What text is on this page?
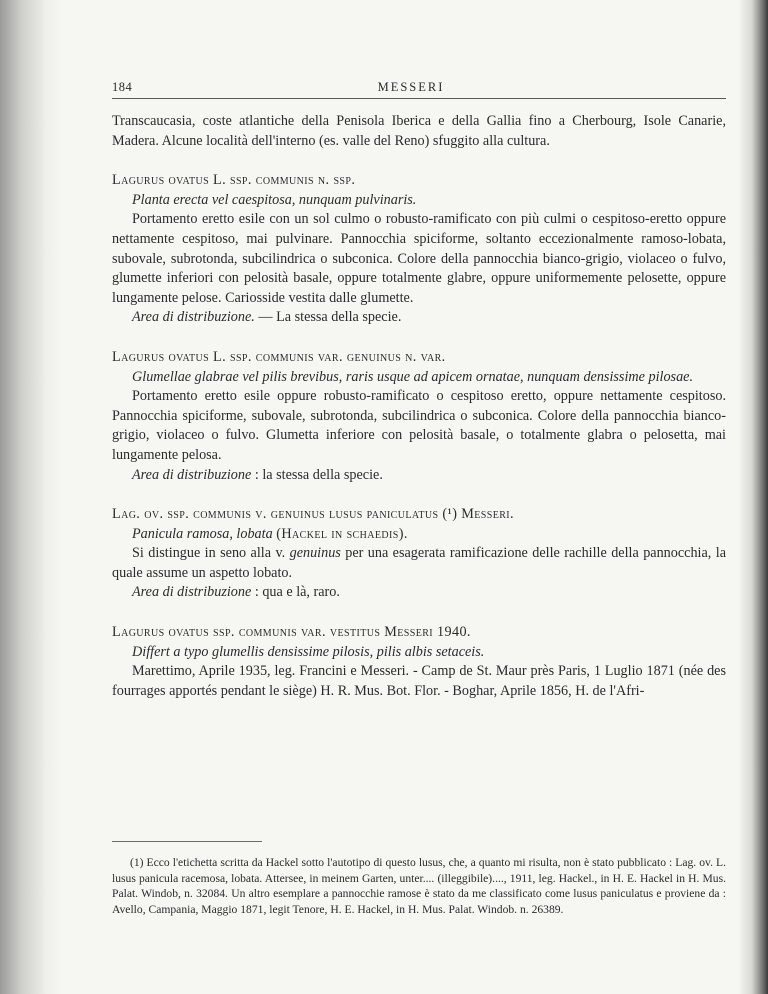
184	MESSERI

Transcaucasia, coste atlantiche della Penisola Iberica e della Gallia fino a Cherbourg, Isole Canarie, Madera. Alcune località dell'interno (es. valle del Reno) sfuggito alla cultura.

Lagurus ovatus L. ssp. communis n. ssp.

Planta erecta vel caespitosa, nunquam pulvinaris.

Portamento eretto esile con un sol culmo o robusto-ramificato con più culmi o cespitoso-eretto oppure nettamente cespitoso, mai pulvinare. Pannocchia spiciforme, soltanto eccezionalmente ramoso-lobata, subovale, subrotonda, subcilindrica o subconica. Colore della pannocchia bianco-grigio, violaceo o fulvo, glumette inferiori con pelosità basale, oppure totalmente glabre, oppure uniformemente pelosette, oppure lungamente pelose. Cariosside vestita dalle glumette.

Area di distribuzione. — La stessa della specie.

Lagurus ovatus L. ssp. communis var. genuinus n. var.

Glumellae glabrae vel pilis brevibus, raris usque ad apicem ornatae, nunquam densissime pilosae.

Portamento eretto esile oppure robusto-ramificato o cespitoso eretto, oppure nettamente cespitoso. Pannocchia spiciforme, subovale, subrotonda, subcilindrica o subconica. Colore della pannocchia bianco-grigio, violaceo o fulvo. Glumetta inferiore con pelosità basale, o totalmente glabra o pelosetta, mai lungamente pelosa.

Area di distribuzione : la stessa della specie.

Lag. ov. ssp. communis v. genuinus lusus paniculatus (¹) Messeri.

Panicula ramosa, lobata (Hackel in schaedis).

Si distingue in seno alla v. genuinus per una esagerata ramificazione delle rachille della pannocchia, la quale assume un aspetto lobato.

Area di distribuzione : qua e là, raro.

Lagurus ovatus ssp. communis var. vestitus Messeri 1940.

Differt a typo glumellis densissime pilosis, pilis albis setaceis.

Marettimo, Aprile 1935, leg. Francini e Messeri. - Camp de St. Maur près Paris, 1 Luglio 1871 (née des fourrages apportés pendant le siège) H. R. Mus. Bot. Flor. - Boghar, Aprile 1856, H. de l'Afri-

(1) Ecco l'etichetta scritta da Hackel sotto l'autotipo di questo lusus, che, a quanto mi risulta, non è stato pubblicato : Lag. ov. L. lusus panicula racemosa, lobata. Attersee, in meinem Garten, unter.... (illeggibile)...., 1911, leg. Hackel., in H. E. Hackel in H. Mus. Palat. Windob, n. 32084. Un altro esemplare a pannocchie ramose è stato da me classificato come lusus paniculatus e proviene da : Avello, Campania, Maggio 1871, legit Tenore, H. E. Hackel, in H. Mus. Palat. Windob. n. 26389.
